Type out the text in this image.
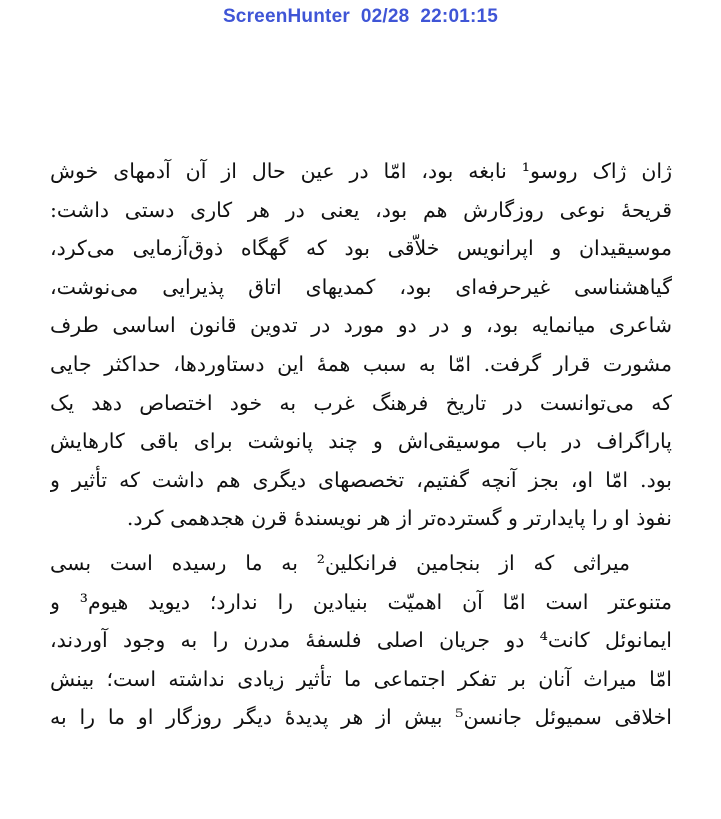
ScreenHunter  02/28  22:01:15
ژان ژاک روسو¹ نابغه بود، امّا در عین حال از آن آدمهای خوش
قریحهٔ نوعی روزگارش هم بود، یعنی در هر کاری دستی داشت:
موسیقیدان و اپرانویس خلاّقی بود که گهگاه ذوق‌آزمایی می‌کرد،
گیاهشناسی غیرحرفه‌ای بود، کمدیهای اتاق پذیرایی می‌نوشت،
شاعری میانمایه بود، و در دو مورد در تدوین قانون اساسی طرف
مشورت قرار گرفت. امّا به سبب همهٔ این دستاوردها، حداکثر جایی
که می‌توانست در تاریخ فرهنگ غرب به خود اختصاص دهد یک
پاراگراف در باب موسیقی‌اش و چند پانوشت برای باقی کارهایش
بود. امّا او، بجز آنچه گفتیم، تخصصهای دیگری هم داشت که تأثیر و
نفوذ او را پایدارتر و گسترده‌تر از هر نویسندهٔ قرن هجدهمی کرد.
میراثی که از بنجامین فرانکلین² به ما رسیده است بسی
متنوعتر است امّا آن اهمیّت بنیادین را ندارد؛ دیوید هیوم³ و
ایمانوئل کانت⁴ دو جریان اصلی فلسفهٔ مدرن را به وجود آوردند،
امّا میراث آنان بر تفکر اجتماعی ما تأثیر زیادی نداشته است؛ بینش
اخلاقی سمیوئل جانسن⁵ بیش از هر پدیدهٔ دیگر روزگار او ما را به
